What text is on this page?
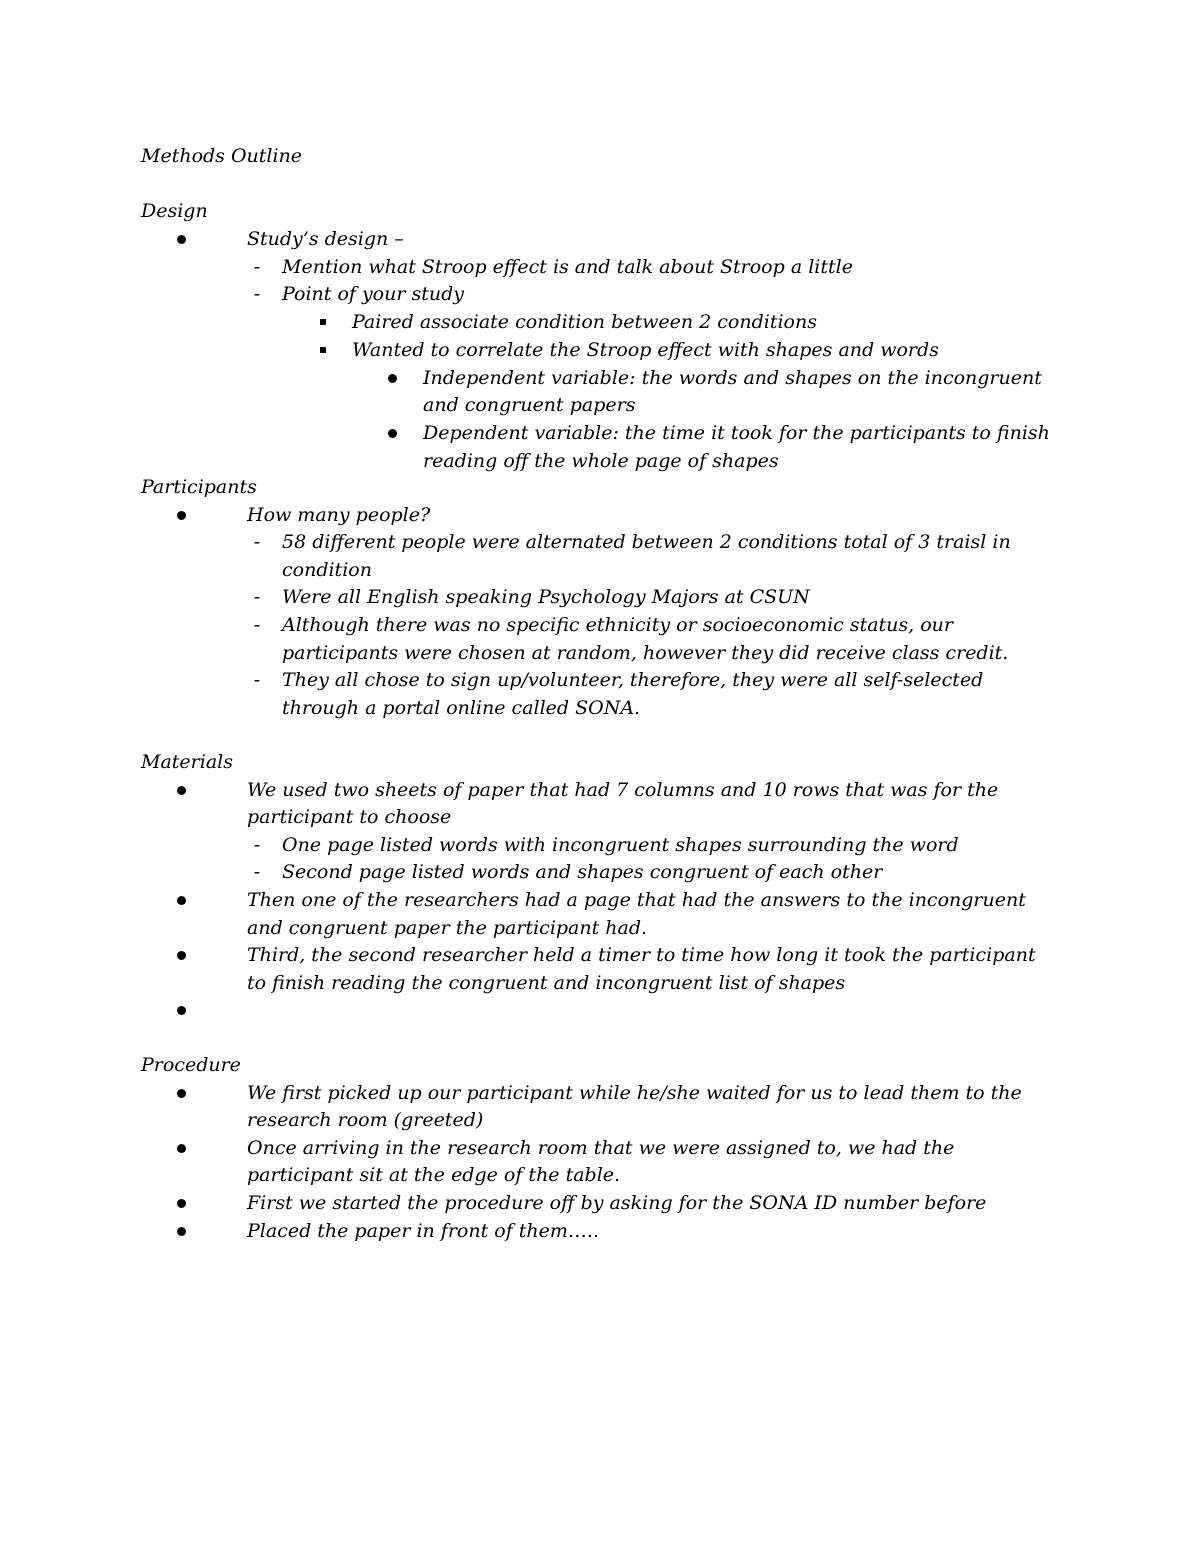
Methods Outline
Design
Study’s design –
- Mention what Stroop effect is and talk about Stroop a little
- Point of your study
Paired associate condition between 2 conditions
Wanted to correlate the Stroop effect with shapes and words
Independent variable: the words and shapes on the incongruent
and congruent papers
Dependent variable: the time it took for the participants to finish
reading off the whole page of shapes
Participants
How many people?
- 58 different people were alternated between 2 conditions total of 3 traisl in
condition
- Were all English speaking Psychology Majors at CSUN
- Although there was no specific ethnicity or socioeconomic status, our
participants were chosen at random, however they did receive class credit.
- They all chose to sign up/volunteer, therefore, they were all self-selected
through a portal online called SONA.
Materials
We used two sheets of paper that had 7 columns and 10 rows that was for the
participant to choose
- One page listed words with incongruent shapes surrounding the word
- Second page listed words and shapes congruent of each other
Then one of the researchers had a page that had the answers to the incongruent
and congruent paper the participant had.
Third, the second researcher held a timer to time how long it took the participant
to finish reading the congruent and incongruent list of shapes
Procedure
We first picked up our participant while he/she waited for us to lead them to the
research room (greeted)
Once arriving in the research room that we were assigned to, we had the
participant sit at the edge of the table.
First we started the procedure off by asking for the SONA ID number before
Placed the paper in front of them…..
